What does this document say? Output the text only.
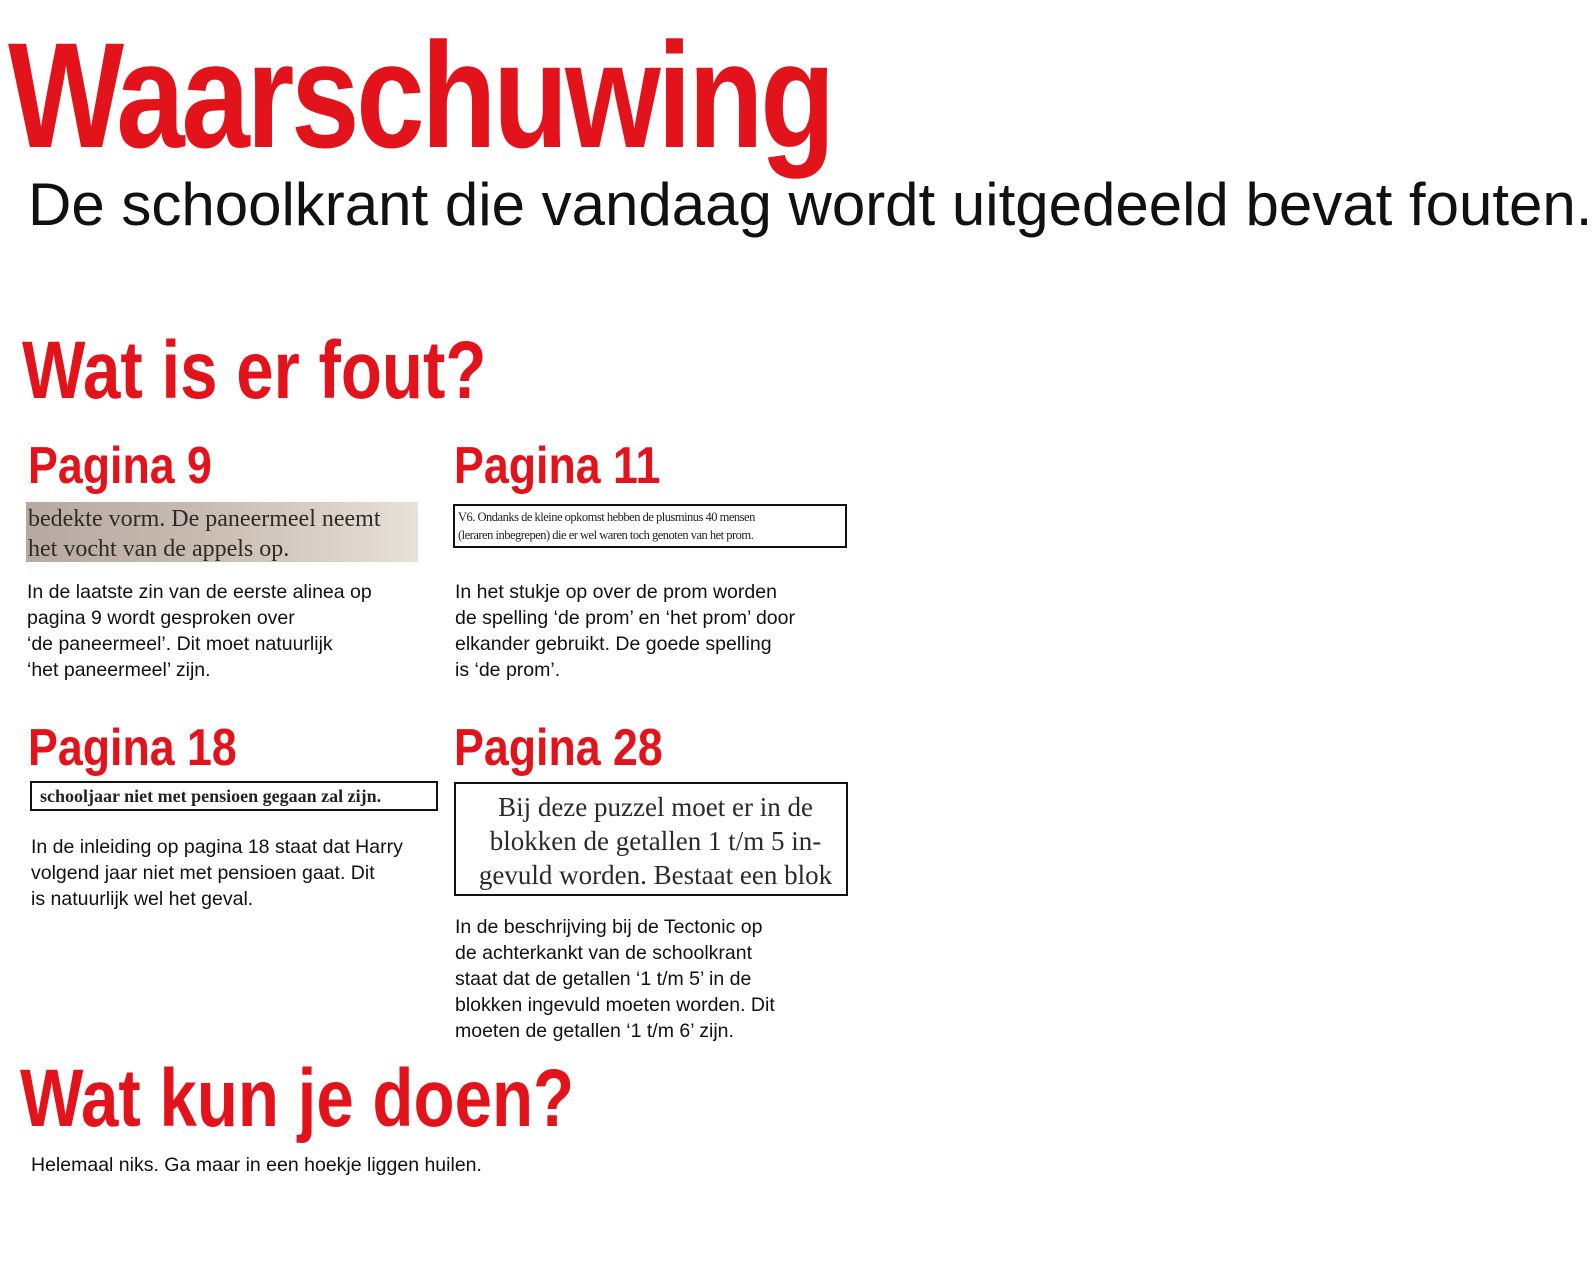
Waarschuwing
De schoolkrant die vandaag wordt uitgedeeld bevat fouten.
Wat is er fout?
Pagina 9
bedekte vorm. De paneermeel neemt
het vocht van de appels op.
In de laatste zin van de eerste alinea op
pagina 9 wordt gesproken over
‘de paneermeel’. Dit moet natuurlijk
‘het paneermeel’ zijn.
Pagina 11
V6. Ondanks de kleine opkomst hebben de plusminus 40 mensen
(leraren inbegrepen) die er wel waren toch genoten van het prom.
In het stukje op over de prom worden
de spelling ‘de prom’ en ‘het prom’ door
elkander gebruikt. De goede spelling
is ‘de prom’.
Pagina 18
schooljaar niet met pensioen gegaan zal zijn.
In de inleiding op pagina 18 staat dat Harry
volgend jaar niet met pensioen gaat. Dit
is natuurlijk wel het geval.
Pagina 28
Bij deze puzzel moet er in de
blokken de getallen 1 t/m 5 in-
gevuld worden. Bestaat een blok
In de beschrijving bij de Tectonic op
de achterkankt van de schoolkrant
staat dat de getallen ‘1 t/m 5’ in de
blokken ingevuld moeten worden. Dit
moeten de getallen ‘1 t/m 6’ zijn.
Wat kun je doen?
Helemaal niks. Ga maar in een hoekje liggen huilen.
